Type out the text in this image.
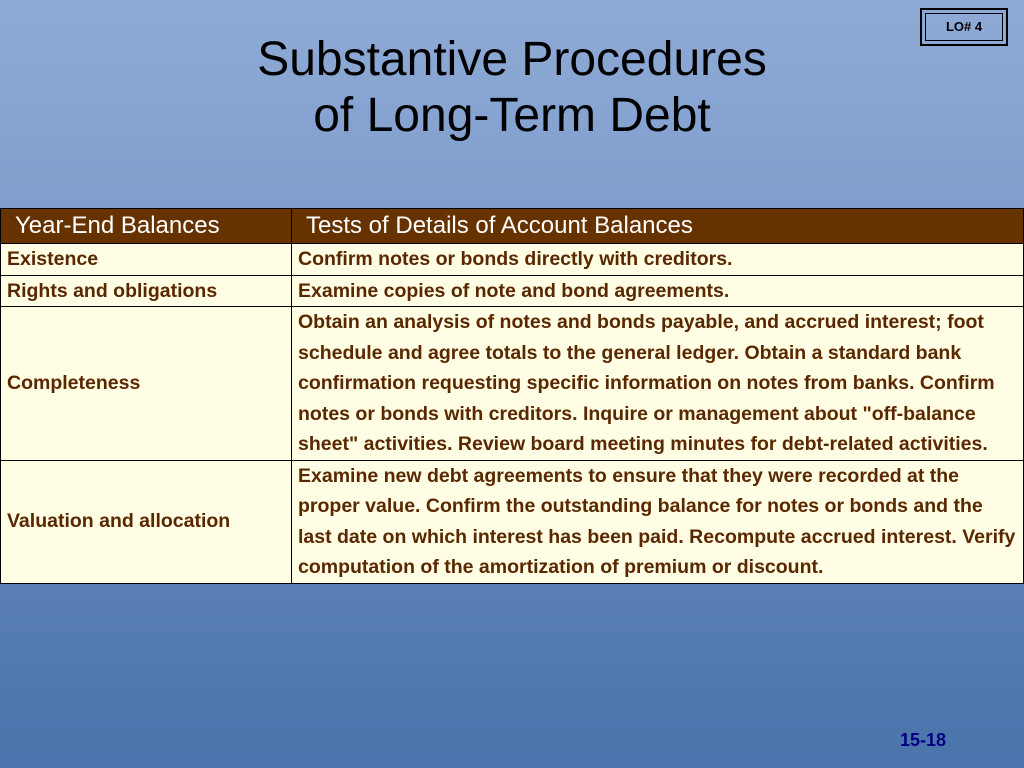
LO# 4
Substantive Procedures
of Long-Term Debt
Year-End Balances	Tests of Details of Account Balances
Existence	Confirm notes or bonds directly with creditors.
Rights and obligations	Examine copies of note and bond agreements.
Completeness	Obtain an analysis of notes and bonds payable, and accrued interest; foot schedule and agree totals to the general ledger. Obtain a standard bank confirmation requesting specific information on notes from banks. Confirm notes or bonds with creditors. Inquire or management about "off-balance sheet" activities. Review board meeting minutes for debt-related activities.
Valuation and allocation	Examine new debt agreements to ensure that they were recorded at the proper value. Confirm the outstanding balance for notes or bonds and the last date on which interest has been paid. Recompute accrued interest. Verify computation of the amortization of premium or discount.
15-18
